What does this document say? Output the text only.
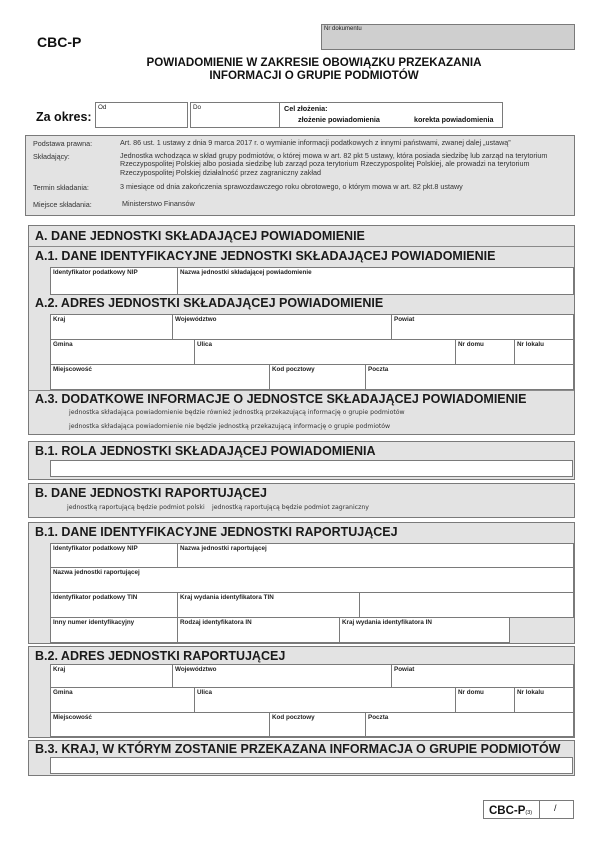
CBC-P
Nr dokumentu
POWIADOMIENIE W ZAKRESIE OBOWIĄZKU PRZEKAZANIA
INFORMACJI O GRUPIE PODMIOTÓW
Za okres:
Od	Do	Cel złożenia:
złożenie powiadomienia	korekta powiadomienia
Podstawa prawna:	Art. 86 ust. 1 ustawy z dnia 9 marca 2017 r. o wymianie informacji podatkowych z innymi państwami, zwanej dalej „ustawą”
Składający:	Jednostka wchodząca w skład grupy podmiotów, o której mowa w art. 82 pkt 5 ustawy, która posiada siedzibę lub zarząd na terytorium Rzeczypospolitej Polskiej albo posiada siedzibę lub zarząd poza terytorium Rzeczypospolitej Polskiej, ale prowadzi na terytorium Rzeczypospolitej Polskiej działalność przez zagraniczny zakład
Termin składania:	3 miesiące od dnia zakończenia sprawozdawczego roku obrotowego, o którym mowa w art. 82 pkt.8 ustawy
Miejsce składania:	Ministerstwo Finansów
A. DANE JEDNOSTKI SKŁADAJĄCEJ POWIADOMIENIE
A.1. DANE IDENTYFIKACYJNE JEDNOSTKI SKŁADAJĄCEJ POWIADOMIENIE
Identyfikator podatkowy NIP	Nazwa jednostki składającej powiadomienie
A.2. ADRES JEDNOSTKI SKŁADAJĄCEJ POWIADOMIENIE
Kraj	Województwo	Powiat
Gmina	Ulica	Nr domu	Nr lokalu
Miejscowość	Kod pocztowy	Poczta
A.3. DODATKOWE INFORMACJE O JEDNOSTCE SKŁADAJĄCEJ POWIADOMIENIE
jednostka składająca powiadomienie będzie również jednostką przekazującą informację o grupie podmiotów
jednostka składająca powiadomienie nie będzie jednostką przekazującą informację o grupie podmiotów
B.1. ROLA JEDNOSTKI SKŁADAJĄCEJ POWIADOMIENIA
B. DANE JEDNOSTKI RAPORTUJĄCEJ
jednostką raportującą będzie podmiot polski jednostką raportującą będzie podmiot zagraniczny
B.1. DANE IDENTYFIKACYJNE JEDNOSTKI RAPORTUJĄCEJ
Identyfikator podatkowy NIP	Nazwa jednostki raportującej
Nazwa jednostki raportującej
Identyfikator podatkowy TIN	Kraj wydania identyfikatora TIN
Inny numer identyfikacyjny	Rodzaj identyfikatora IN	Kraj wydania identyfikatora IN
B.2. ADRES JEDNOSTKI RAPORTUJĄCEJ
Kraj	Województwo	Powiat
Gmina	Ulica	Nr domu	Nr lokalu
Miejscowość	Kod pocztowy	Poczta
B.3. KRAJ, W KTÓRYM ZOSTANIE PRZEKAZANA INFORMACJA O GRUPIE PODMIOTÓW
CBC-P(3)	/
